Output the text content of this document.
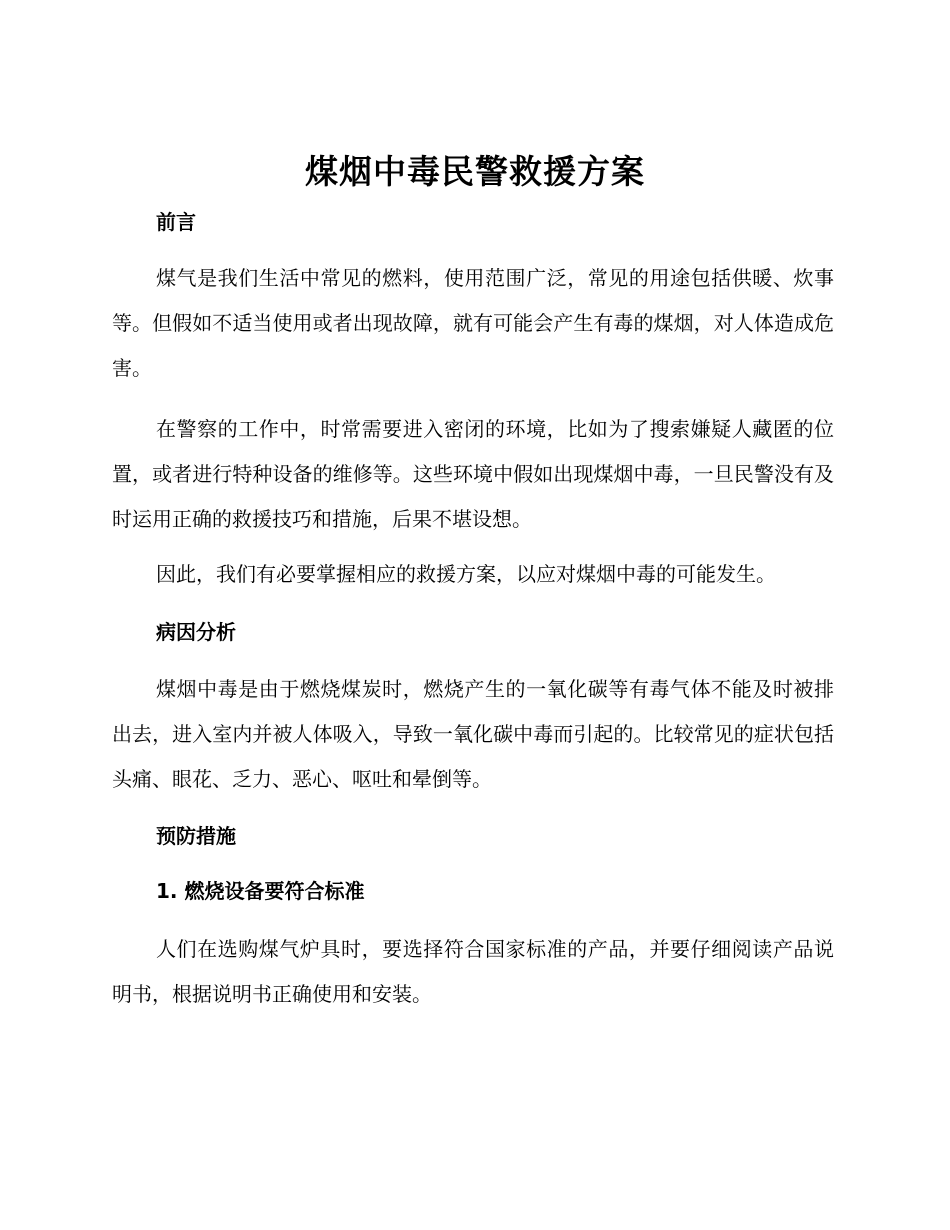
煤烟中毒民警救援方案
前言

煤气是我们生活中常见的燃料，使用范围广泛，常见的用途包括供暖、炊事等。但假如不适当使用或者出现故障，就有可能会产生有毒的煤烟，对人体造成危害。

在警察的工作中，时常需要进入密闭的环境，比如为了搜索嫌疑人藏匿的位置，或者进行特种设备的维修等。这些环境中假如出现煤烟中毒，一旦民警没有及时运用正确的救援技巧和措施，后果不堪设想。

因此，我们有必要掌握相应的救援方案，以应对煤烟中毒的可能发生。

病因分析

煤烟中毒是由于燃烧煤炭时，燃烧产生的一氧化碳等有毒气体不能及时被排出去，进入室内并被人体吸入，导致一氧化碳中毒而引起的。比较常见的症状包括头痛、眼花、乏力、恶心、呕吐和晕倒等。

预防措施
1. 燃烧设备要符合标准

人们在选购煤气炉具时，要选择符合国家标准的产品，并要仔细阅读产品说明书，根据说明书正确使用和安装。
